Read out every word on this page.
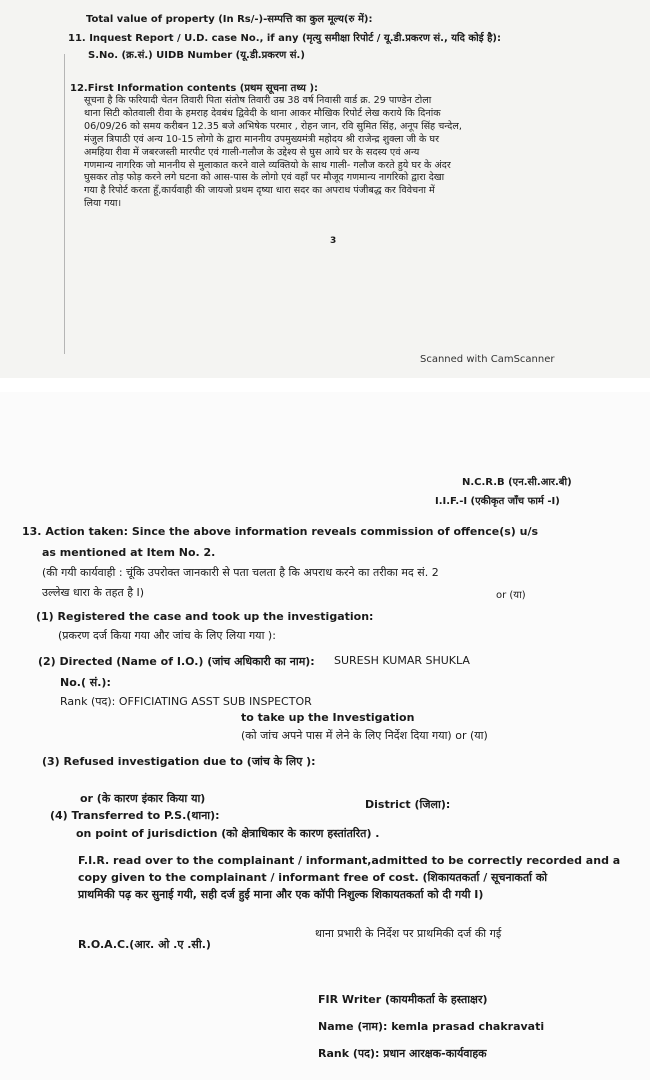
Total value of property (In Rs/-)-सम्पत्ति का कुल मूल्य(रु में):
11. Inquest Report / U.D. case No., if any (मृत्यु समीक्षा रिपोर्ट / यू.डी.प्रकरण सं., यदि कोई है):
S.No. (क्र.सं.) UIDB Number (यू.डी.प्रकरण सं.)
12.First Information contents (प्रथम सूचना तथ्य ):
सूचना है कि फरियादी चेतन तिवारी पिता संतोष तिवारी उम्र 38 वर्ष निवासी वार्ड क्र. 29 पाण्डेन टोला
थाना सिटी कोतवाली रीवा के हमराह देवबंध द्विवेदी के थाना आकर मौखिक रिपोर्ट लेख कराये कि दिनांक
06/09/26 को समय करीबन 12.35 बजे अभिषेक परमार , रोहन जान, रवि सुमित सिंह, अनूप सिंह चन्देल,
मंजुल त्रिपाठी एवं अन्य 10-15 लोगो के द्वारा माननीय उपमुख्यमंत्री महोदय श्री राजेन्द्र शुक्ला जी के घर
अमहिया रीवा में जबरजस्ती मारपीट एवं गाली-गलौज के उद्देश्य से घुस आये घर के सदस्य एवं अन्य
गणमान्य नागरिक जो माननीय से मुलाकात करने वाले व्यक्तियो के साथ गाली- गलौज करते हुये घर के अंदर
घुसकर तोड़ फोड़ करने लगे घटना को आस-पास के लोगो एवं वहाँ पर मौजूद गणमान्य नागरिको द्वारा देखा
गया है रिपोर्ट करता हूँ,कार्यवाही की जायजो प्रथम दृष्या धारा सदर का अपराध पंजीबद्ध कर विवेचना में
लिया गया।
3
Scanned with CamScanner
N.C.R.B (एन.सी.आर.बी)
I.I.F.-I (एकीकृत जाँच फार्म -I)
13. Action taken: Since the above information reveals commission of offence(s) u/s
as mentioned at Item No. 2.
(की गयी कार्यवाही : चूंकि उपरोक्त जानकारी से पता चलता है कि अपराध करने का तरीका मद सं. 2
उल्लेख धारा के तहत है I)	or (या)
(1) Registered the case and took up the investigation:
(प्रकरण दर्ज किया गया और जांच के लिए लिया गया ):
(2) Directed (Name of I.O.) (जांच अधिकारी का नाम): SURESH KUMAR SHUKLA
No.( सं.):
Rank (पद): OFFICIATING ASST SUB INSPECTOR
to take up the Investigation
(को जांच अपने पास में लेने के लिए निर्देश दिया गया) or (या)
(3) Refused investigation due to (जांच के लिए ):
or (के कारण इंकार किया या)
(4) Transferred to P.S.(थाना):
District (जिला):
on point of jurisdiction (को क्षेत्राधिकार के कारण हस्तांतरित) .
F.I.R. read over to the complainant / informant,admitted to be correctly recorded and a
copy given to the complainant / informant free of cost. (शिकायतकर्ता / सूचनाकर्ता को
प्राथमिकी पढ़ कर सुनाई गयी, सही दर्ज हुई माना और एक कॉपी निशुल्क शिकायतकर्ता को दी गयी I)
R.O.A.C.(आर. ओ .ए .सी.)
थाना प्रभारी के निर्देश पर प्राथमिकी दर्ज की गई
FIR Writer (कायमीकर्ता के हस्ताक्षर)
Name (नाम): kemla prasad chakravati
Rank (पद): प्रधान आरक्षक-कार्यवाहक
